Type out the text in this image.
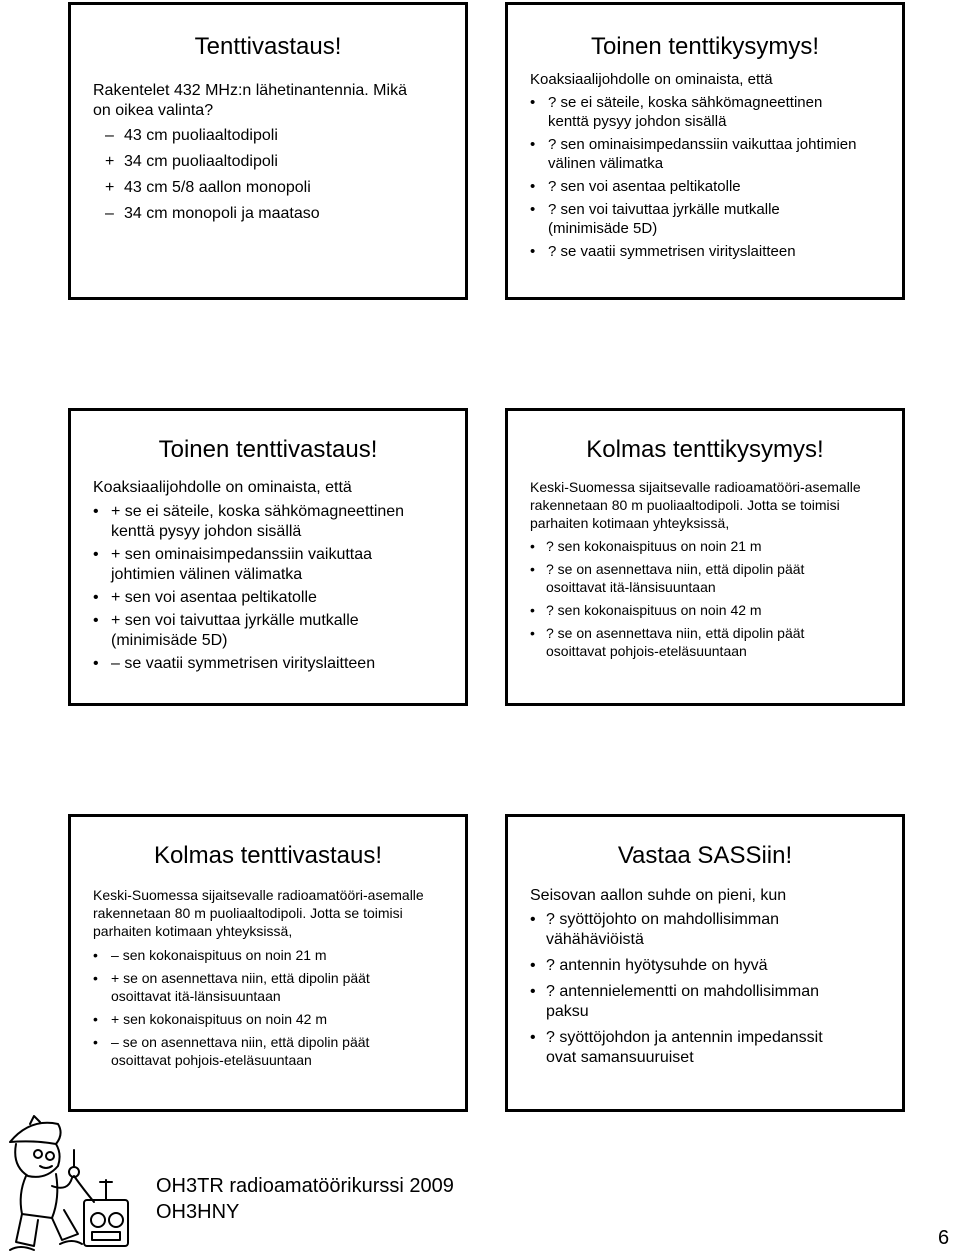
Tenttivastaus!
Rakentelet 432 MHz:n lähetinantennia. Mikä on oikea valinta?
– 43 cm puoliaaltodipoli
+ 34 cm puoliaaltodipoli
+ 43 cm 5/8 aallon monopoli
– 34 cm monopoli ja maataso
Toinen tenttikysymys!
Koaksiaalijohdolle on ominaista, että
• ? se ei säteile, koska sähkömagneettinen kenttä pysyy johdon sisällä
• ? sen ominaisimpedanssiin vaikuttaa johtimien välinen välimatka
• ? sen voi asentaa peltikatolle
• ? sen voi taivuttaa jyrkälle mutkalle (minimisäde 5D)
• ? se vaatii symmetrisen virityslaitteen
Toinen tenttivastaus!
Koaksiaalijohdolle on ominaista, että
• + se ei säteile, koska sähkömagneettinen kenttä pysyy johdon sisällä
• + sen ominaisimpedanssiin vaikuttaa johtimien välinen välimatka
• + sen voi asentaa peltikatolle
• + sen voi taivuttaa jyrkälle mutkalle (minimisäde 5D)
• – se vaatii symmetrisen virityslaitteen
Kolmas tenttikysymys!
Keski-Suomessa sijaitsevalle radioamatööri-asemalle rakennetaan 80 m puoliaaltodipoli. Jotta se toimisi parhaiten kotimaan yhteyksissä,
• ? sen kokonaispituus on noin 21 m
• ? se on asennettava niin, että dipolin päät osoittavat itä-länsisuuntaan
• ? sen kokonaispituus on noin 42 m
• ? se on asennettava niin, että dipolin päät osoittavat pohjois-eteläsuuntaan
Kolmas tenttivastaus!
Keski-Suomessa sijaitsevalle radioamatööri-asemalle rakennetaan 80 m puoliaaltodipoli. Jotta se toimisi parhaiten kotimaan yhteyksissä,
• – sen kokonaispituus on noin 21 m
• + se on asennettava niin, että dipolin päät osoittavat itä-länsisuuntaan
• + sen kokonaispituus on noin 42 m
• – se on asennettava niin, että dipolin päät osoittavat pohjois-eteläsuuntaan
Vastaa SASSiin!
Seisovan aallon suhde on pieni, kun
• ? syöttöjohto on mahdollisimman vähähäviöistä
• ? antennin hyötysuhde on hyvä
• ? antennielementti on mahdollisimman paksu
• ? syöttöjohdon ja antennin impedanssit ovat samansuuruiset
OH3TR radioamatöörikurssi 2009
OH3HNY
6
